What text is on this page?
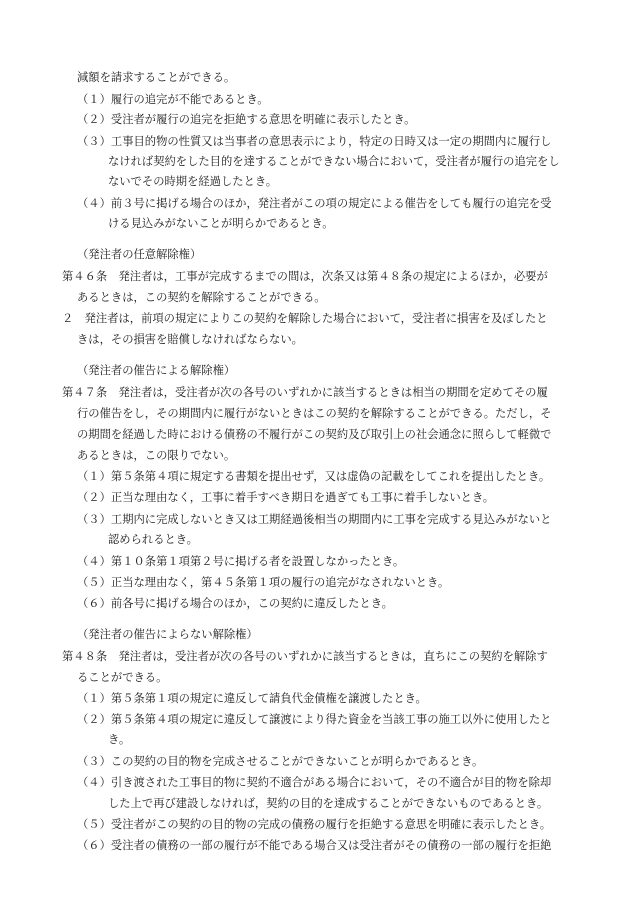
減額を請求することができる。
（１）履行の追完が不能であるとき。
（２）受注者が履行の追完を拒絶する意思を明確に表示したとき。
（３）工事目的物の性質又は当事者の意思表示により，特定の日時又は一定の期間内に履行し
なければ契約をした目的を達することができない場合において，受注者が履行の追完をし
ないでその時期を経過したとき。
（４）前３号に掲げる場合のほか，発注者がこの項の規定による催告をしても履行の追完を受
ける見込みがないことが明らかであるとき。
（発注者の任意解除権）
第４６条　発注者は，工事が完成するまでの間は，次条又は第４８条の規定によるほか，必要が
あるときは，この契約を解除することができる。
２　発注者は，前項の規定によりこの契約を解除した場合において，受注者に損害を及ぼしたと
きは，その損害を賠償しなければならない。
（発注者の催告による解除権）
第４７条　発注者は，受注者が次の各号のいずれかに該当するときは相当の期間を定めてその履
行の催告をし，その期間内に履行がないときはこの契約を解除することができる。ただし，そ
の期間を経過した時における債務の不履行がこの契約及び取引上の社会通念に照らして軽微で
あるときは，この限りでない。
（１）第５条第４項に規定する書類を提出せず，又は虚偽の記載をしてこれを提出したとき。
（２）正当な理由なく，工事に着手すべき期日を過ぎても工事に着手しないとき。
（３）工期内に完成しないとき又は工期経過後相当の期間内に工事を完成する見込みがないと
認められるとき。
（４）第１０条第１項第２号に掲げる者を設置しなかったとき。
（５）正当な理由なく，第４５条第１項の履行の追完がなされないとき。
（６）前各号に掲げる場合のほか，この契約に違反したとき。
（発注者の催告によらない解除権）
第４８条　発注者は，受注者が次の各号のいずれかに該当するときは，直ちにこの契約を解除す
ることができる。
（１）第５条第１項の規定に違反して請負代金債権を譲渡したとき。
（２）第５条第４項の規定に違反して譲渡により得た資金を当該工事の施工以外に使用したと
き。
（３）この契約の目的物を完成させることができないことが明らかであるとき。
（４）引き渡された工事目的物に契約不適合がある場合において，その不適合が目的物を除却
した上で再び建設しなければ，契約の目的を達成することができないものであるとき。
（５）受注者がこの契約の目的物の完成の債務の履行を拒絶する意思を明確に表示したとき。
（６）受注者の債務の一部の履行が不能である場合又は受注者がその債務の一部の履行を拒絶
